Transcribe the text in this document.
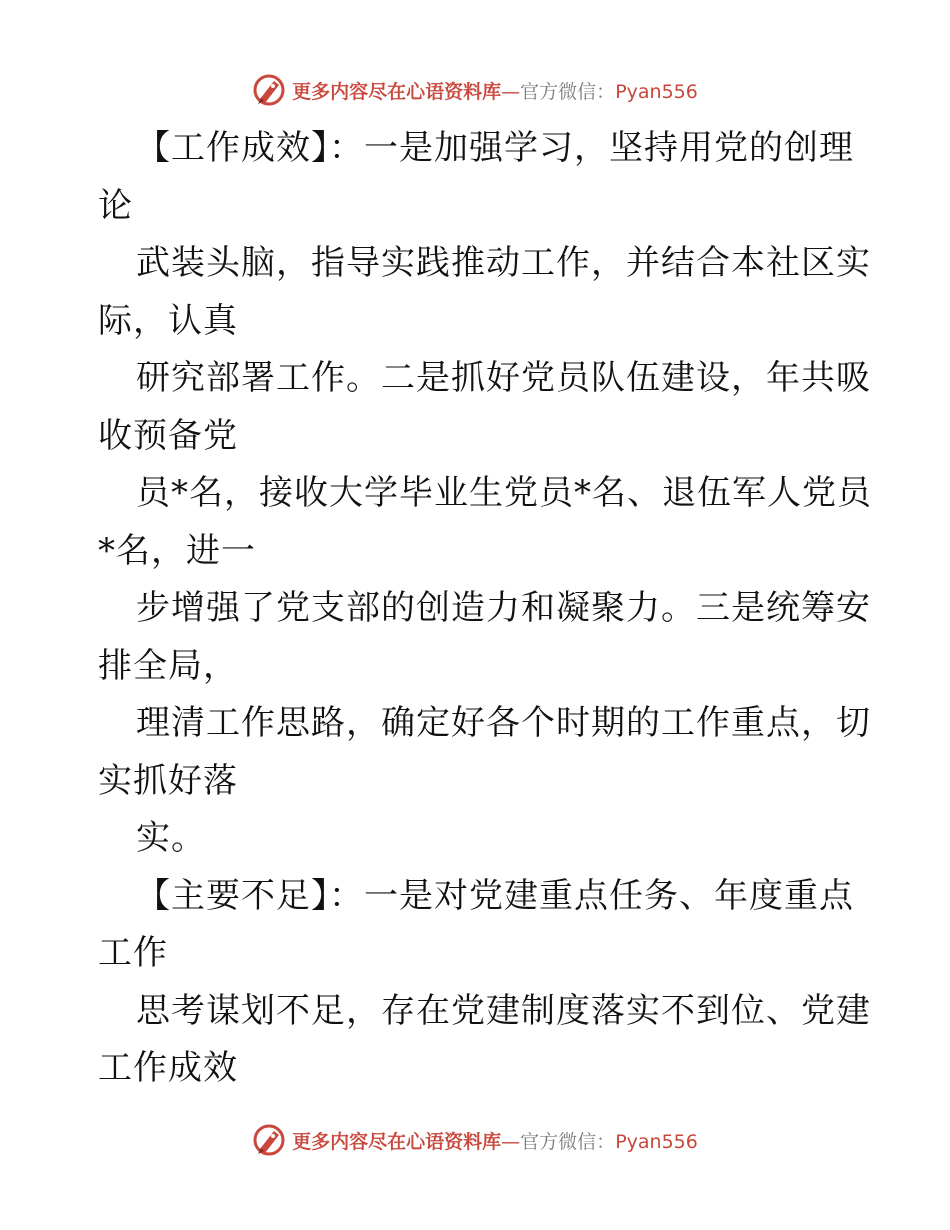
更多内容尽在心语资料库—官方微信：Pyan556
【工作成效】：一是加强学习，坚持用党的创理
论
武装头脑，指导实践推动工作，并结合本社区实
际，认真
研究部署工作。二是抓好党员队伍建设，年共吸
收预备党
员*名，接收大学毕业生党员*名、退伍军人党员
*名，进一
步增强了党支部的创造力和凝聚力。三是统筹安
排全局，
理清工作思路，确定好各个时期的工作重点，切
实抓好落
实。
【主要不足】：一是对党建重点任务、年度重点
工作
思考谋划不足，存在党建制度落实不到位、党建
工作成效
更多内容尽在心语资料库—官方微信：Pyan556
